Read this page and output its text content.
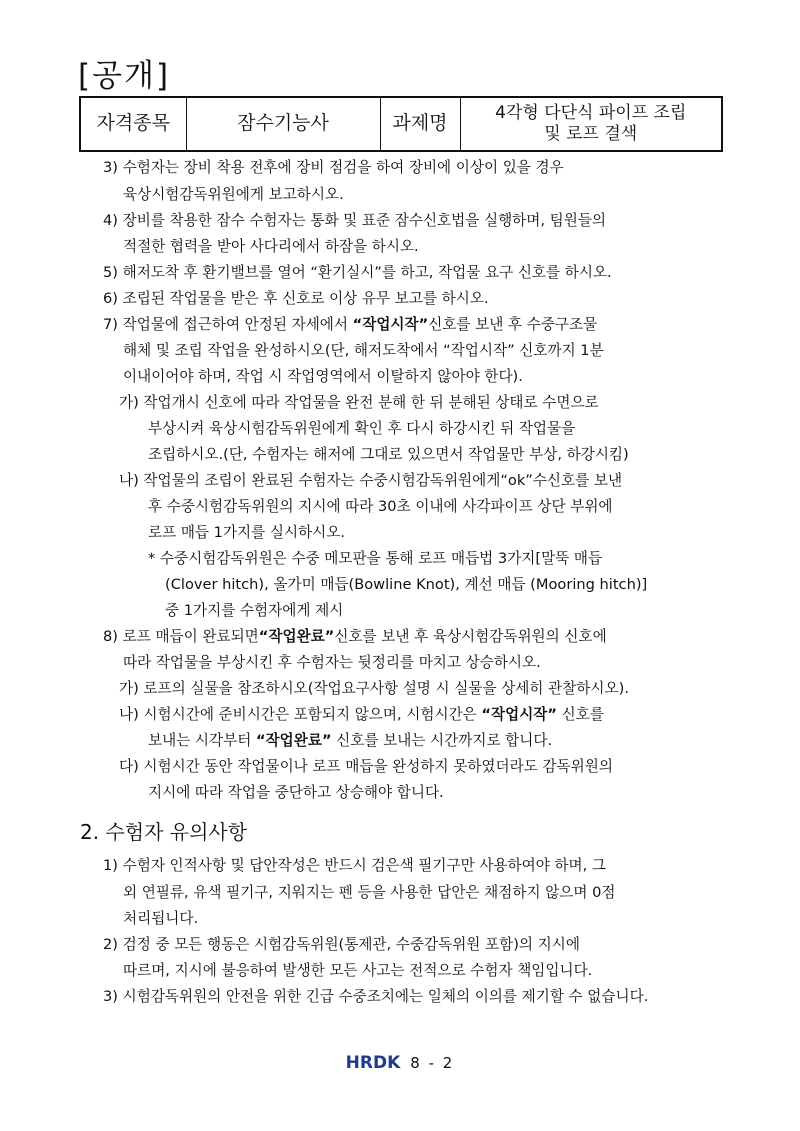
[공개]
자격종목	잠수기능사	과제명	4각형 다단식 파이프 조립
및 로프 결색
3) 수험자는 장비 착용 전후에 장비 점검을 하여 장비에 이상이 있을 경우
육상시험감독위원에게 보고하시오.
4) 장비를 착용한 잠수 수험자는 통화 및 표준 잠수신호법을 실행하며, 팀원들의
적절한 협력을 받아 사다리에서 하잠을 하시오.
5) 해저도착 후 환기밸브를 열어 “환기실시”를 하고, 작업물 요구 신호를 하시오.
6) 조립된 작업물을 받은 후 신호로 이상 유무 보고를 하시오.
7) 작업물에 접근하여 안정된 자세에서 “작업시작”신호를 보낸 후 수중구조물
해체 및 조립 작업을 완성하시오(단, 해저도착에서 “작업시작” 신호까지 1분
이내이어야 하며, 작업 시 작업영역에서 이탈하지 않아야 한다).
가) 작업개시 신호에 따라 작업물을 완전 분해 한 뒤 분해된 상태로 수면으로
부상시켜 육상시험감독위원에게 확인 후 다시 하강시킨 뒤 작업물을
조립하시오.(단, 수험자는 해저에 그대로 있으면서 작업물만 부상, 하강시킴)
나) 작업물의 조립이 완료된 수험자는 수중시험감독위원에게“ok”수신호를 보낸
후 수중시험감독위원의 지시에 따라 30초 이내에 사각파이프 상단 부위에
로프 매듭 1가지를 실시하시오.
* 수중시험감독위원은 수중 메모판을 통해 로프 매듭법 3가지[말뚝 매듭
(Clover hitch), 올가미 매듭(Bowline Knot), 계선 매듭 (Mooring hitch)]
중 1가지를 수험자에게 제시
8) 로프 매듭이 완료되면“작업완료”신호를 보낸 후 육상시험감독위원의 신호에
따라 작업물을 부상시킨 후 수험자는 뒷정리를 마치고 상승하시오.
가) 로프의 실물을 참조하시오(작업요구사항 설명 시 실물을 상세히 관찰하시오).
나) 시험시간에 준비시간은 포함되지 않으며, 시험시간은 “작업시작” 신호를
보내는 시각부터 “작업완료” 신호를 보내는 시간까지로 합니다.
다) 시험시간 동안 작업물이나 로프 매듭을 완성하지 못하였더라도 감독위원의
지시에 따라 작업을 중단하고 상승해야 합니다.
2. 수험자 유의사항
1) 수험자 인적사항 및 답안작성은 반드시 검은색 필기구만 사용하여야 하며, 그
외 연필류, 유색 필기구, 지워지는 펜 등을 사용한 답안은 채점하지 않으며 0점
처리됩니다.
2) 검정 중 모든 행동은 시험감독위원(통제관, 수중감독위원 포함)의 지시에
따르며, 지시에 불응하여 발생한 모든 사고는 전적으로 수험자 책임입니다.
3) 시험감독위원의 안전을 위한 긴급 수중조치에는 일체의 이의를 제기할 수 없습니다.
HRDK 8 - 2
